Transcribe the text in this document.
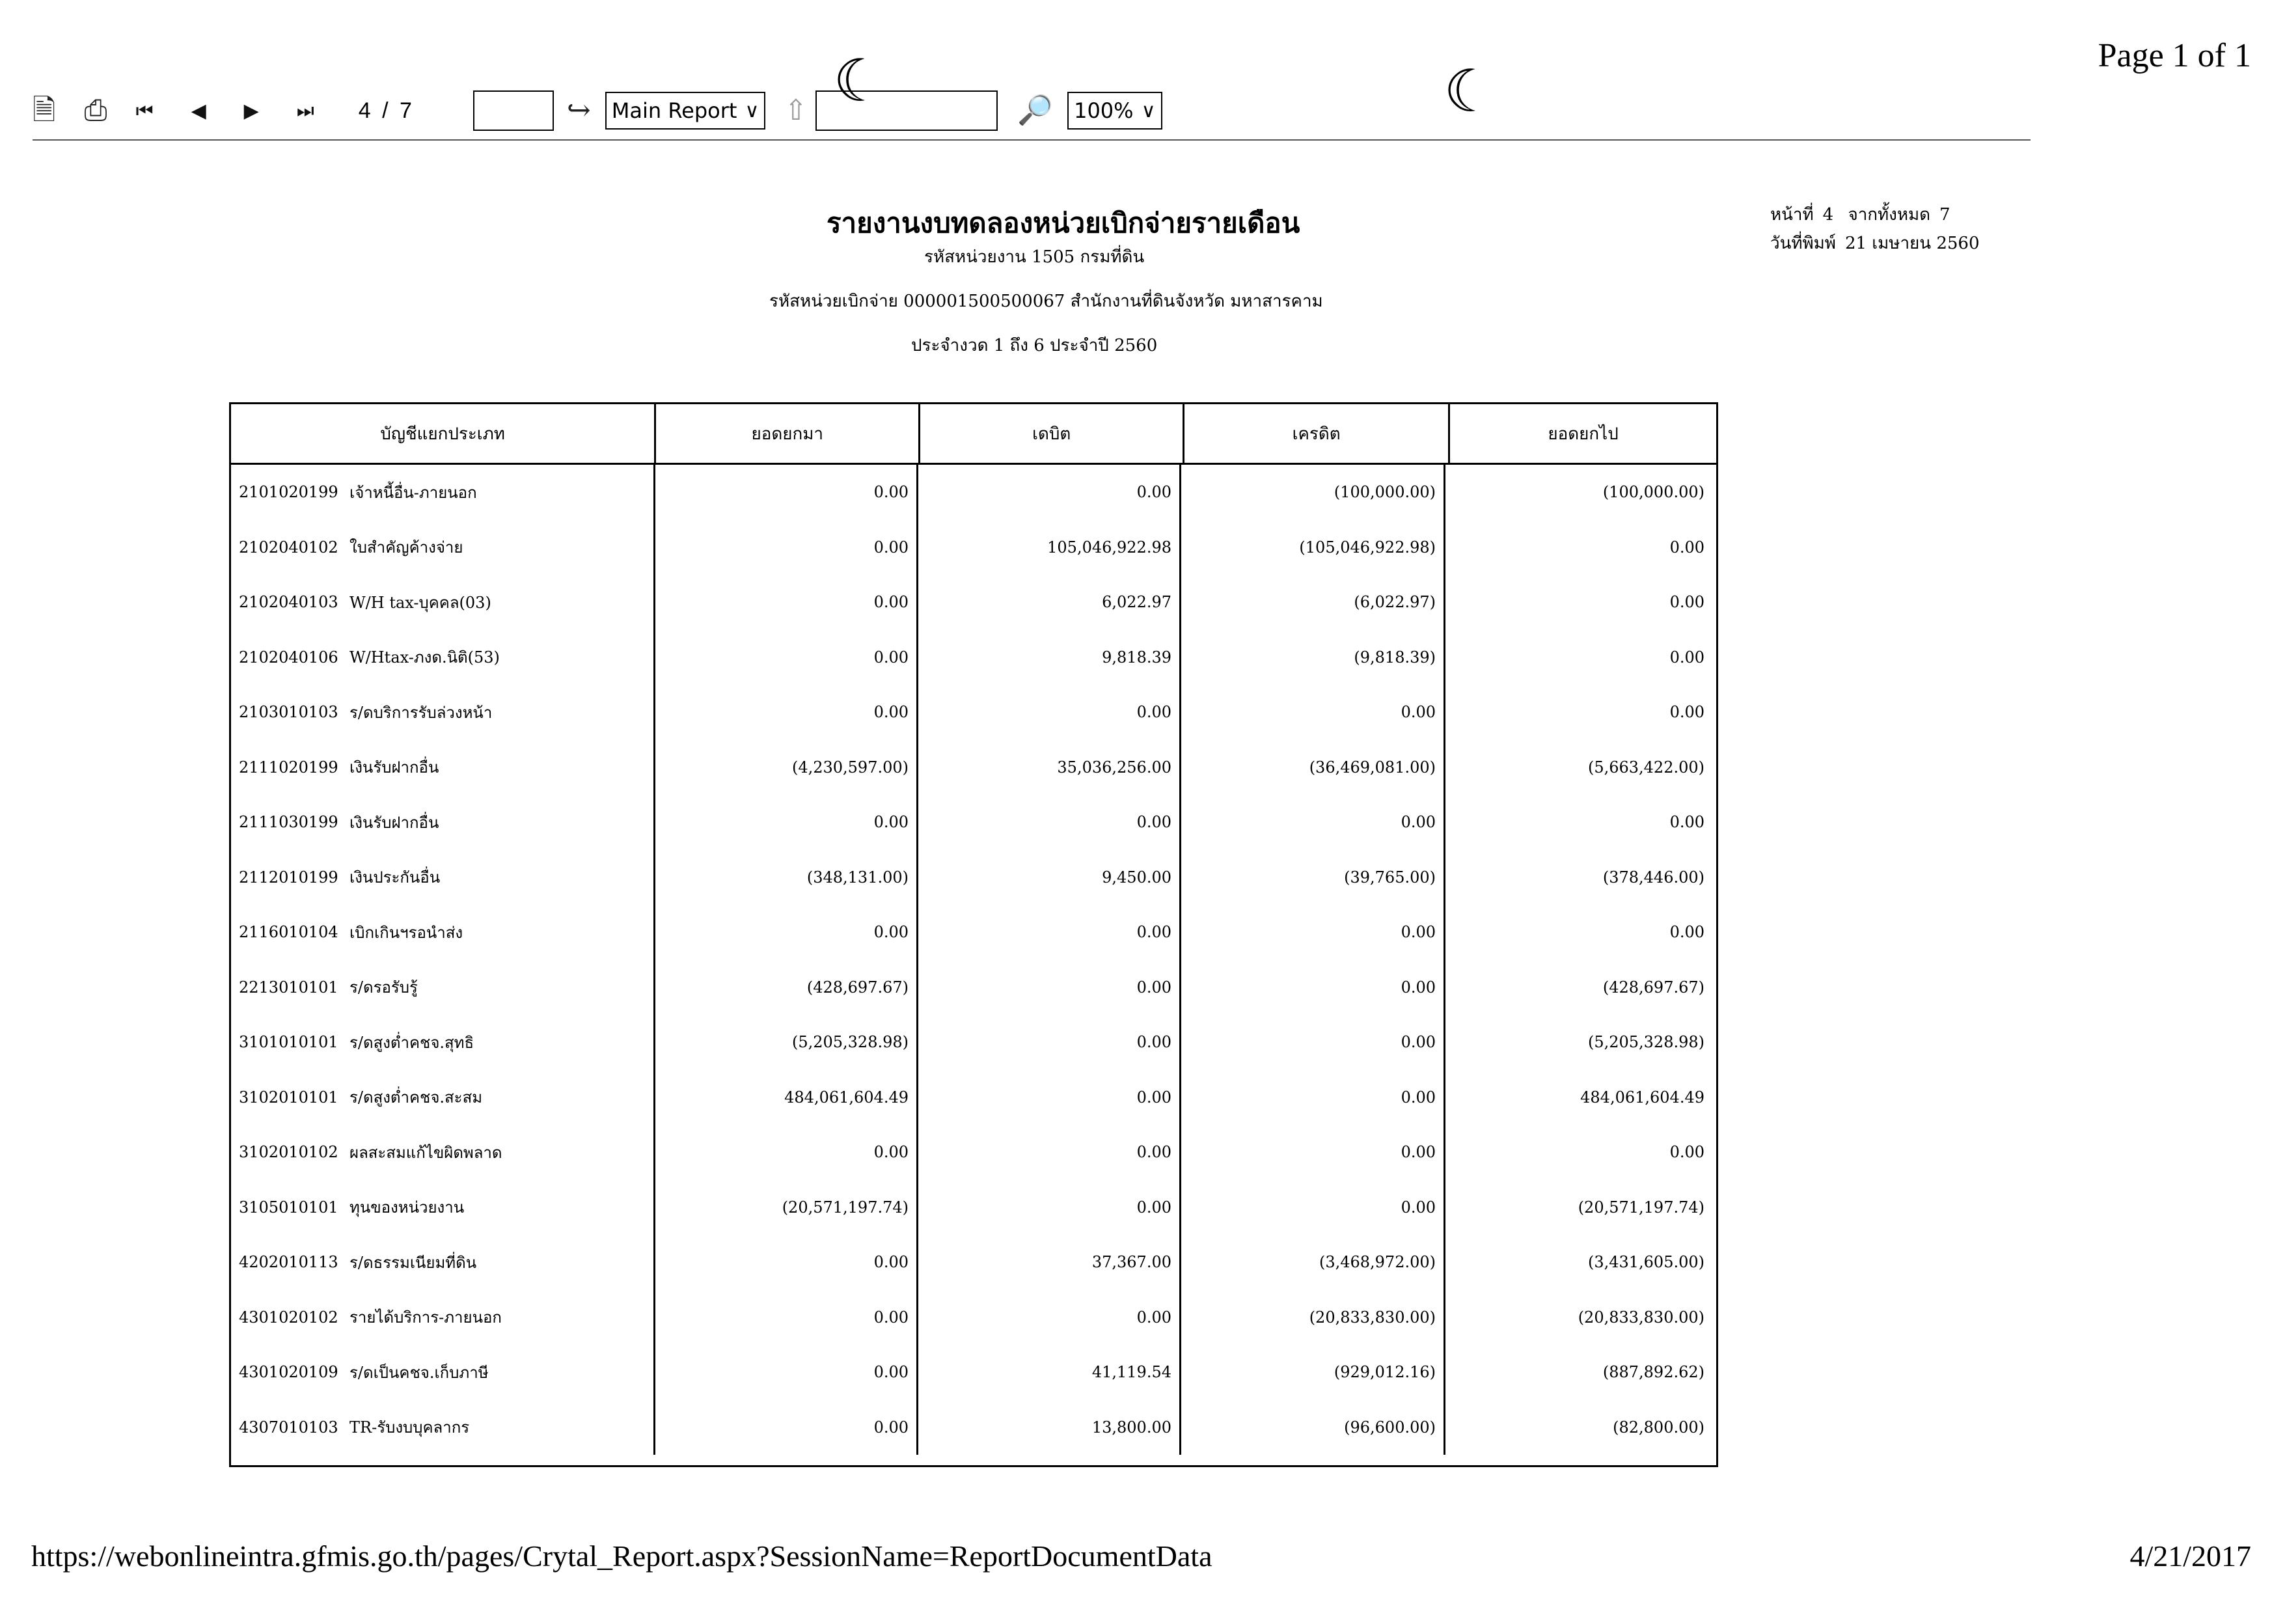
Page 1 of 1
🗎 ⎙ ⏮ ◀ ▶ ⏭ 4 / 7	↪ Main Report ∨ ⇧	🔎 100% ∨
☾	☾
รายงานงบทดลองหน่วยเบิกจ่ายรายเดือน
รหัสหน่วยงาน 1505 กรมที่ดิน
รหัสหน่วยเบิกจ่าย 000001500500067 สำนักงานที่ดินจังหวัด มหาสารคาม
ประจำงวด 1 ถึง 6 ประจำปี 2560
หน้าที่ 4 จากทั้งหมด 7
วันที่พิมพ์ 21 เมษายน 2560
บัญชีแยกประเภท	ยอดยกมา	เดบิต	เครดิต	ยอดยกไป
2101020199 เจ้าหนี้อื่น-ภายนอก	0.00	0.00	(100,000.00)	(100,000.00)
2102040102 ใบสำคัญค้างจ่าย	0.00	105,046,922.98	(105,046,922.98)	0.00
2102040103 W/H tax-บุคคล(03)	0.00	6,022.97	(6,022.97)	0.00
2102040106 W/Htax-ภงด.นิติ(53)	0.00	9,818.39	(9,818.39)	0.00
2103010103 ร/ดบริการรับล่วงหน้า	0.00	0.00	0.00	0.00
2111020199 เงินรับฝากอื่น	(4,230,597.00)	35,036,256.00	(36,469,081.00)	(5,663,422.00)
2111030199 เงินรับฝากอื่น	0.00	0.00	0.00	0.00
2112010199 เงินประกันอื่น	(348,131.00)	9,450.00	(39,765.00)	(378,446.00)
2116010104 เบิกเกินฯรอนำส่ง	0.00	0.00	0.00	0.00
2213010101 ร/ดรอรับรู้	(428,697.67)	0.00	0.00	(428,697.67)
3101010101 ร/ดสูงต่ำคชจ.สุทธิ	(5,205,328.98)	0.00	0.00	(5,205,328.98)
3102010101 ร/ดสูงต่ำคชจ.สะสม	484,061,604.49	0.00	0.00	484,061,604.49
3102010102 ผลสะสมแก้ไขผิดพลาด	0.00	0.00	0.00	0.00
3105010101 ทุนของหน่วยงาน	(20,571,197.74)	0.00	0.00	(20,571,197.74)
4202010113 ร/ดธรรมเนียมที่ดิน	0.00	37,367.00	(3,468,972.00)	(3,431,605.00)
4301020102 รายได้บริการ-ภายนอก	0.00	0.00	(20,833,830.00)	(20,833,830.00)
4301020109 ร/ดเป็นคชจ.เก็บภาษี	0.00	41,119.54	(929,012.16)	(887,892.62)
4307010103 TR-รับงบบุคลากร	0.00	13,800.00	(96,600.00)	(82,800.00)
https://webonlineintra.gfmis.go.th/pages/Crytal_Report.aspx?SessionName=ReportDocumentData	4/21/2017
